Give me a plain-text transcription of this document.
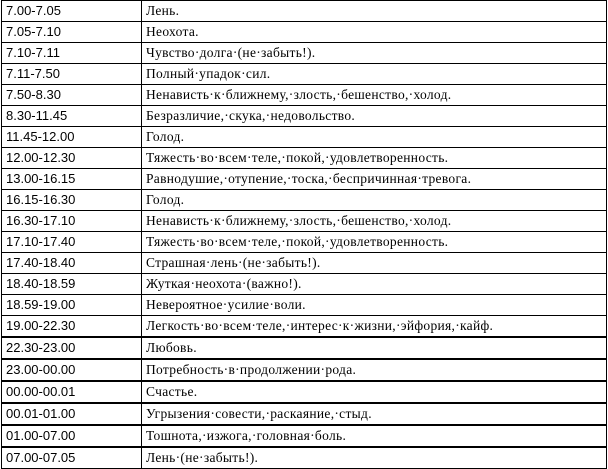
7.00-7.05	Лень.
7.05-7.10	Неохота.
7.10-7.11	Чувство·долга·(не·забыть!).
7.11-7.50	Полный·упадок·сил.
7.50-8.30	Ненависть·к·ближнему,·злость,·бешенство,·холод.
8.30-11.45	Безразличие,·скука,·недовольство.
11.45-12.00	Голод.
12.00-12.30	Тяжесть·во·всем·теле,·покой,·удовлетворенность.
13.00-16.15	Равнодушие,·отупение,·тоска,·беспричинная·тревога.
16.15-16.30	Голод.
16.30-17.10	Ненависть·к·ближнему,·злость,·бешенство,·холод.
17.10-17.40	Тяжесть·во·всем·теле,·покой,·удовлетворенность.
17.40-18.40	Страшная·лень·(не·забыть!).
18.40-18.59	Жуткая·неохота·(важно!).
18.59-19.00	Невероятное·усилие·воли.
19.00-22.30	Легкость·во·всем·теле,·интерес·к·жизни,·эйфория,·кайф.
22.30-23.00	Любовь.
23.00-00.00	Потребность·в·продолжении·рода.
00.00-00.01	Счастье.
00.01-01.00	Угрызения·совести,·раскаяние,·стыд.
01.00-07.00	Тошнота,·изжога,·головная·боль.
07.00-07.05	Лень·(не·забыть!).
